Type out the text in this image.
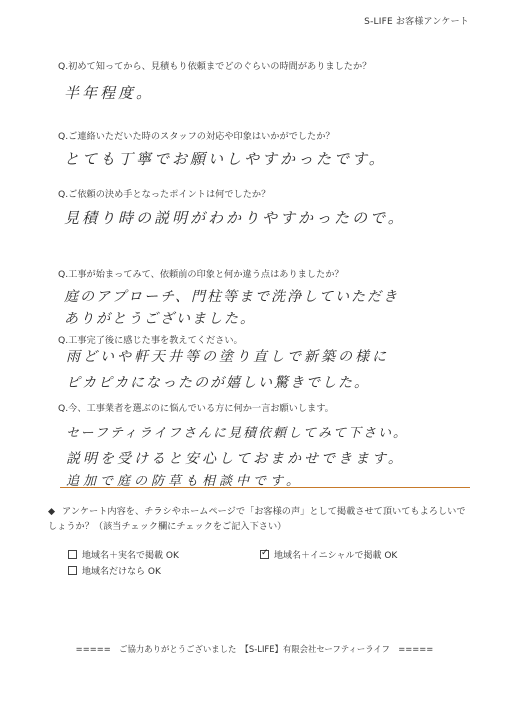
S-LIFE お客様アンケート
Q.初めて知ってから、見積もり依頼までどのぐらいの時間がありましたか？
半年程度。
Q.ご連絡いただいた時のスタッフの対応や印象はいかがでしたか？
とても丁寧でお願いしやすかったです。
Q.ご依頼の決め手となったポイントは何でしたか？
見積り時の説明がわかりやすかったので。
Q.工事が始まってみて、依頼前の印象と何か違う点はありましたか？
庭のアプローチ、門柱等まで洗浄していただき
ありがとうございました。
Q.工事完了後に感じた事を教えてください。
雨どいや軒天井等の塗り直しで新築の様に
ピカピカになったのが嬉しい驚きでした。
Q.今、工事業者を選ぶのに悩んでいる方に何か一言お願いします。
セーフティライフさんに見積依頼してみて下さい。
説明を受けると安心しておまかせできます。
追加で庭の防草も相談中です。
◆ アンケート内容を、チラシやホームページで「お客様の声」として掲載させて頂いてもよろしいでしょうか？（該当チェック欄にチェックをご記入下さい）
地域名＋実名で掲載 OK	✓ 地域名＋イニシャルで掲載 OK
地域名だけなら OK
=====　ご協力ありがとうございました　【S-LIFE】有限会社セーフティーライフ　=====
